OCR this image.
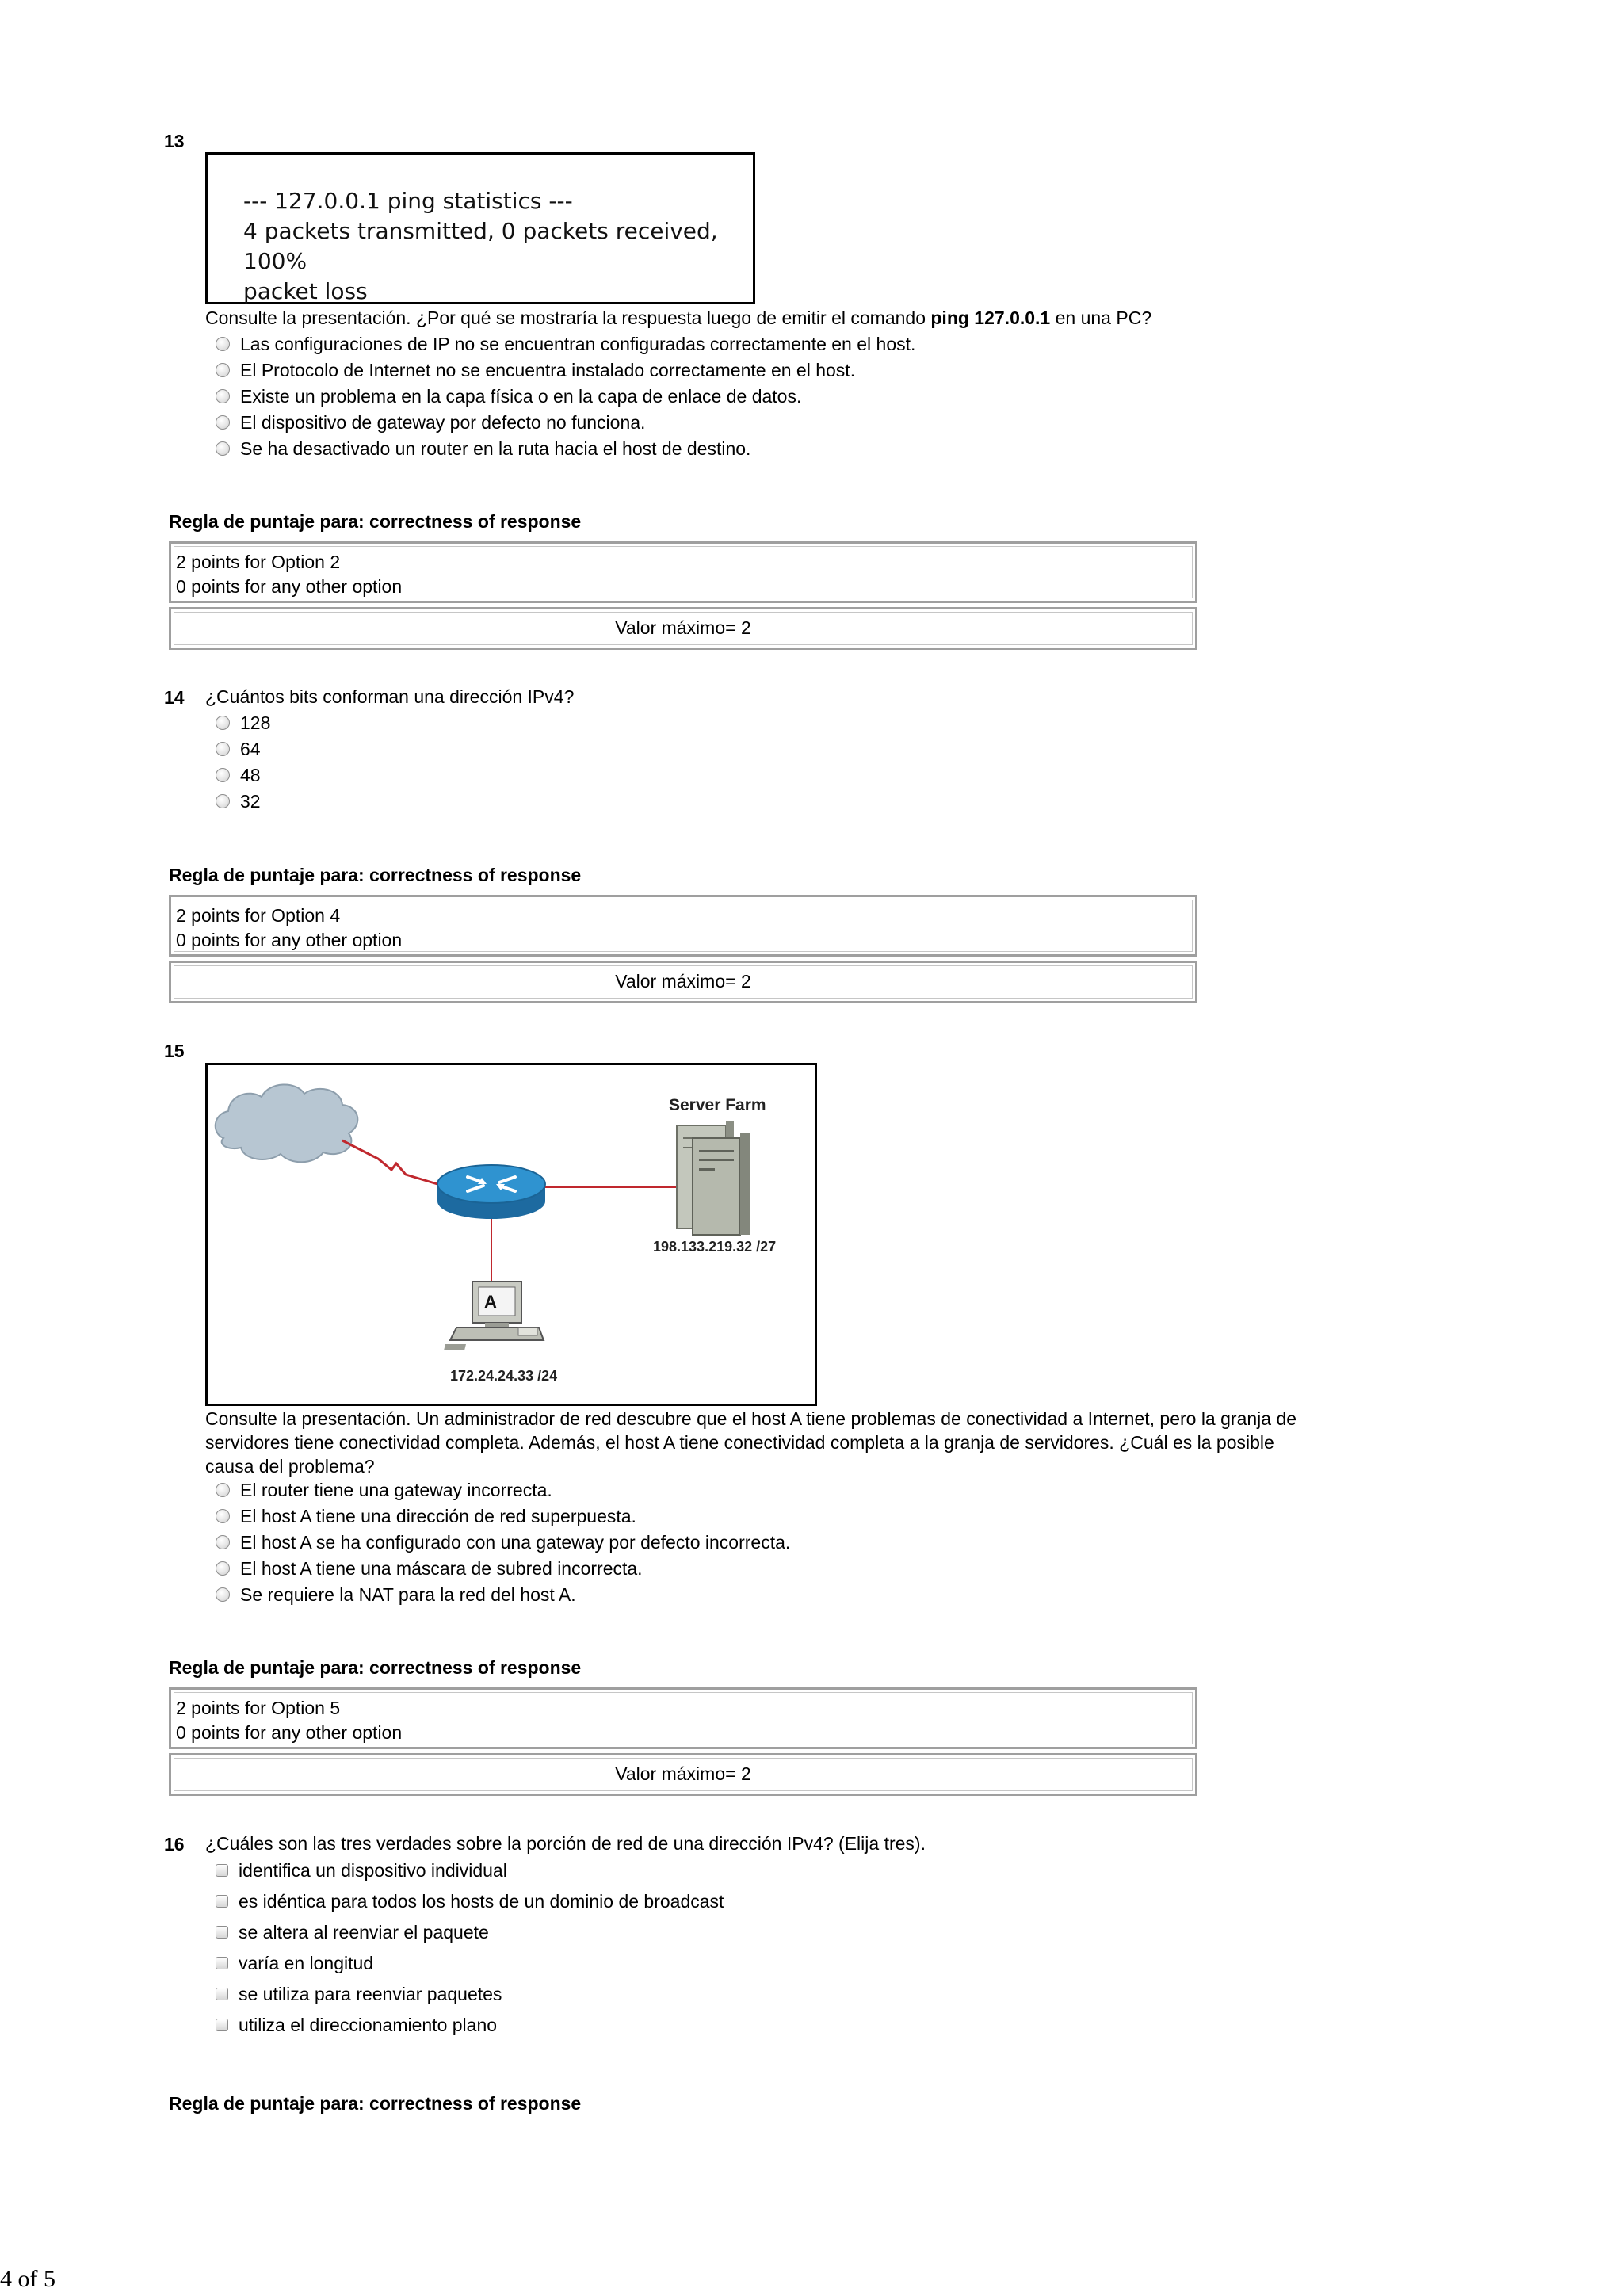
13
--- 127.0.0.1 ping statistics ---
4 packets transmitted, 0 packets received, 100%
packet loss
Consulte la presentación. ¿Por qué se mostraría la respuesta luego de emitir el comando ping 127.0.0.1 en una PC?
Las configuraciones de IP no se encuentran configuradas correctamente en el host.
El Protocolo de Internet no se encuentra instalado correctamente en el host.
Existe un problema en la capa física o en la capa de enlace de datos.
El dispositivo de gateway por defecto no funciona.
Se ha desactivado un router en la ruta hacia el host de destino.
Regla de puntaje para: correctness of response
2 points for Option 2
0 points for any other option
Valor máximo= 2
14 ¿Cuántos bits conforman una dirección IPv4?
128
64
48
32
Regla de puntaje para: correctness of response
2 points for Option 4
0 points for any other option
Valor máximo= 2
15
Server Farm
198.133.219.32 /27
A
172.24.24.33 /24
Consulte la presentación. Un administrador de red descubre que el host A tiene problemas de conectividad a Internet, pero la granja de
servidores tiene conectividad completa. Además, el host A tiene conectividad completa a la granja de servidores. ¿Cuál es la posible
causa del problema?
El router tiene una gateway incorrecta.
El host A tiene una dirección de red superpuesta.
El host A se ha configurado con una gateway por defecto incorrecta.
El host A tiene una máscara de subred incorrecta.
Se requiere la NAT para la red del host A.
Regla de puntaje para: correctness of response
2 points for Option 5
0 points for any other option
Valor máximo= 2
16 ¿Cuáles son las tres verdades sobre la porción de red de una dirección IPv4? (Elija tres).
identifica un dispositivo individual
es idéntica para todos los hosts de un dominio de broadcast
se altera al reenviar el paquete
varía en longitud
se utiliza para reenviar paquetes
utiliza el direccionamiento plano
Regla de puntaje para: correctness of response
4 of 5
